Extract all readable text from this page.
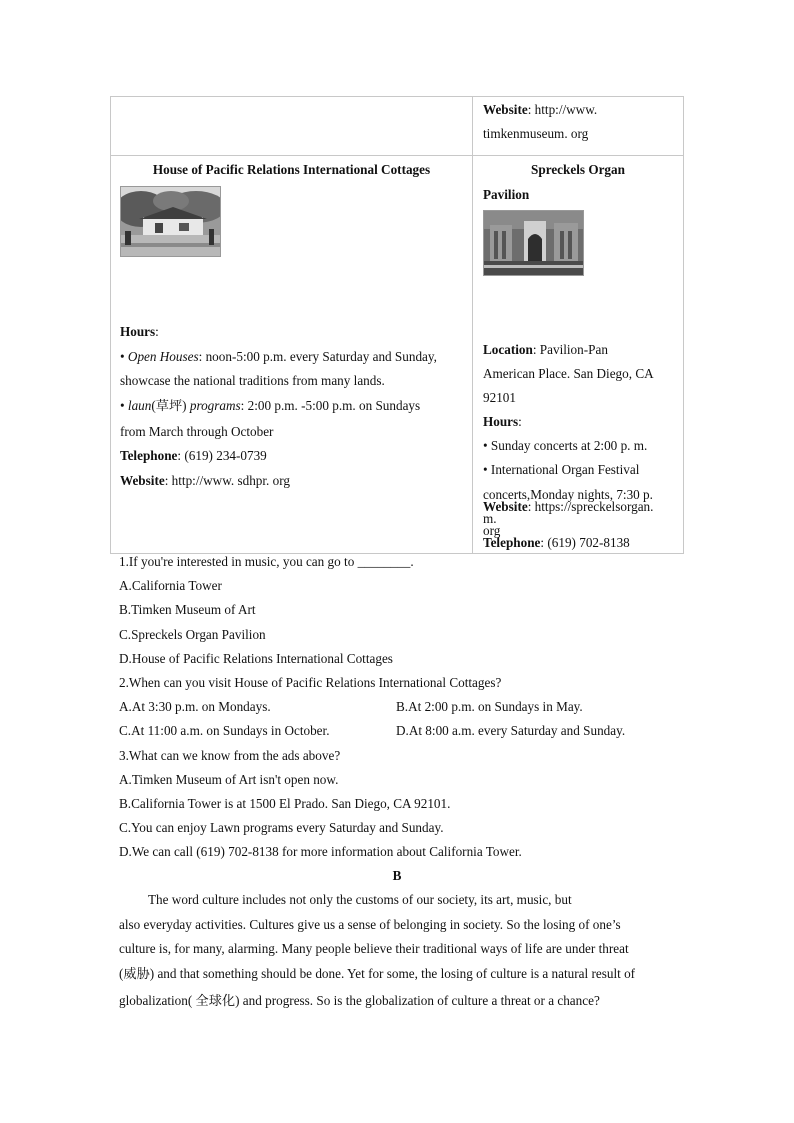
Website: http://www.
timkenmuseum. org
House of Pacific Relations International Cottages
Hours:
• Open Houses: noon-5:00 p.m. every Saturday and Sunday,
showcase the national traditions from many lands.
• laun(草坪) programs: 2:00 p.m. -5:00 p.m. on Sundays
from March through October
Telephone: (619) 234-0739
Website: http://www. sdhpr. org
Spreckels Organ
Pavilion
Location: Pavilion-Pan
American Place. San Diego, CA
92101
Hours:
• Sunday concerts at 2:00 p. m.
• International Organ Festival
concerts,Monday nights, 7:30 p.
m.
Telephone: (619) 702-8138
Website: https://spreckelsorgan.
org
1.If you're interested in music, you can go to ________.
A.California Tower
B.Timken Museum of Art
C.Spreckels Organ Pavilion
D.House of Pacific Relations International Cottages
2.When can you visit House of Pacific Relations International Cottages?
A.At 3:30 p.m. on Mondays.	B.At 2:00 p.m. on Sundays in May.
C.At 11:00 a.m. on Sundays in October.	D.At 8:00 a.m. every Saturday and Sunday.
3.What can we know from the ads above?
A.Timken Museum of Art isn't open now.
B.California Tower is at 1500 El Prado. San Diego, CA 92101.
C.You can enjoy Lawn programs every Saturday and Sunday.
D.We can call (619) 702-8138 for more information about California Tower.
B
The word culture includes not only the customs of our society, its art, music, but
also everyday activities. Cultures give us a sense of belonging in society. So the losing of one’s
culture is, for many, alarming. Many people believe their traditional ways of life are under threat
(威胁) and that something should be done. Yet for some, the losing of culture is a natural result of
globalization( 全球化) and progress. So is the globalization of culture a threat or a chance?
